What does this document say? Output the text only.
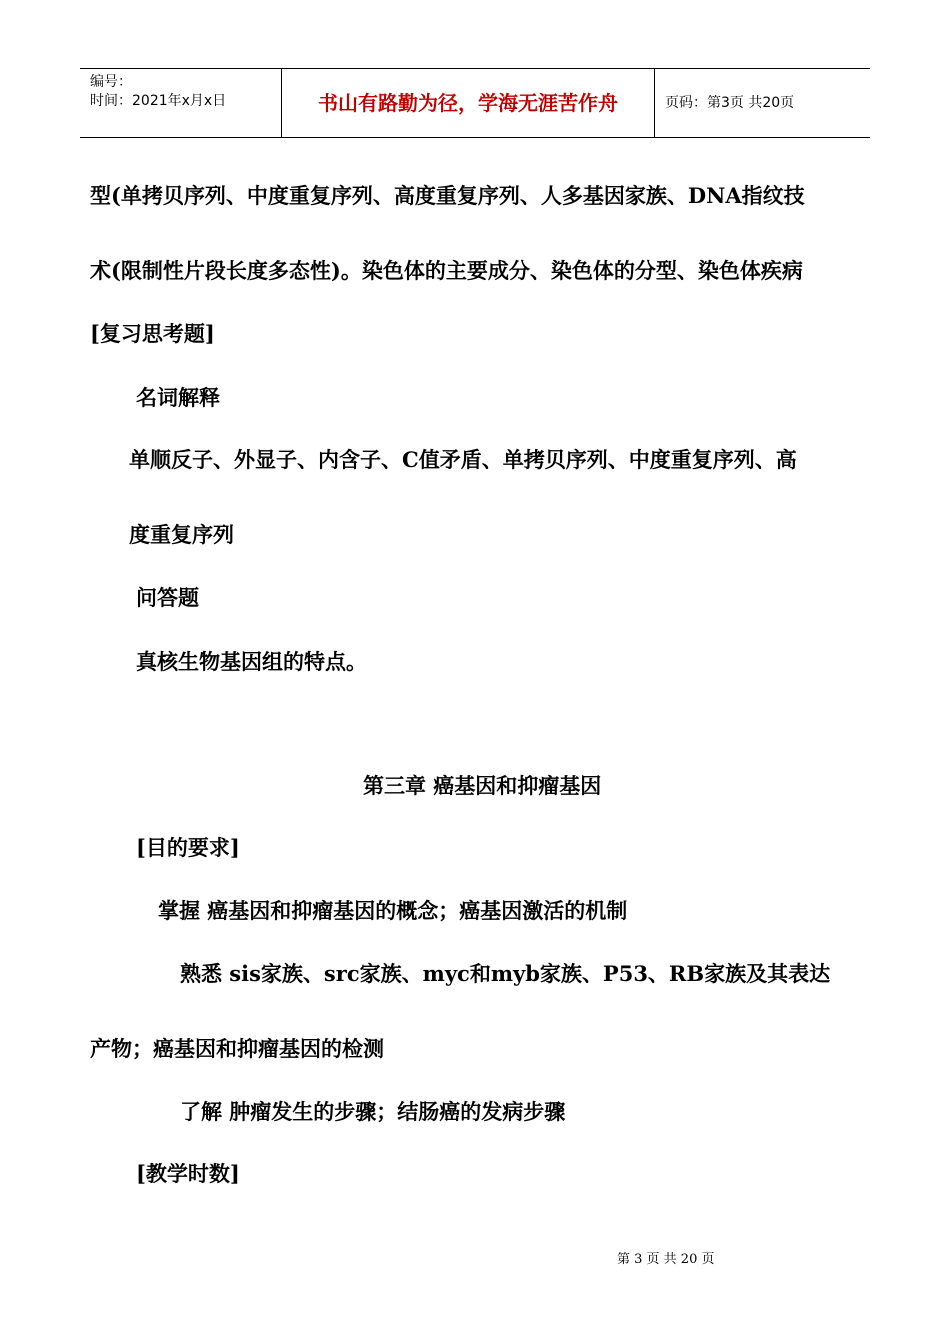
编号：
时间：2021年x月x日	书山有路勤为径，学海无涯苦作舟	页码：第3页 共20页
型(单拷贝序列、中度重复序列、高度重复序列、人多基因家族、DNA指纹技
术(限制性片段长度多态性)。染色体的主要成分、染色体的分型、染色体疾病
[复习思考题]
名词解释
单顺反子、外显子、内含子、C值矛盾、单拷贝序列、中度重复序列、高
度重复序列
问答题
真核生物基因组的特点。
第三章 癌基因和抑瘤基因
[目的要求]
掌握 癌基因和抑瘤基因的概念；癌基因激活的机制
熟悉 sis家族、src家族、myc和myb家族、P53、RB家族及其表达
产物；癌基因和抑瘤基因的检测
了解 肿瘤发生的步骤；结肠癌的发病步骤
[教学时数]
第 3 页 共 20 页
